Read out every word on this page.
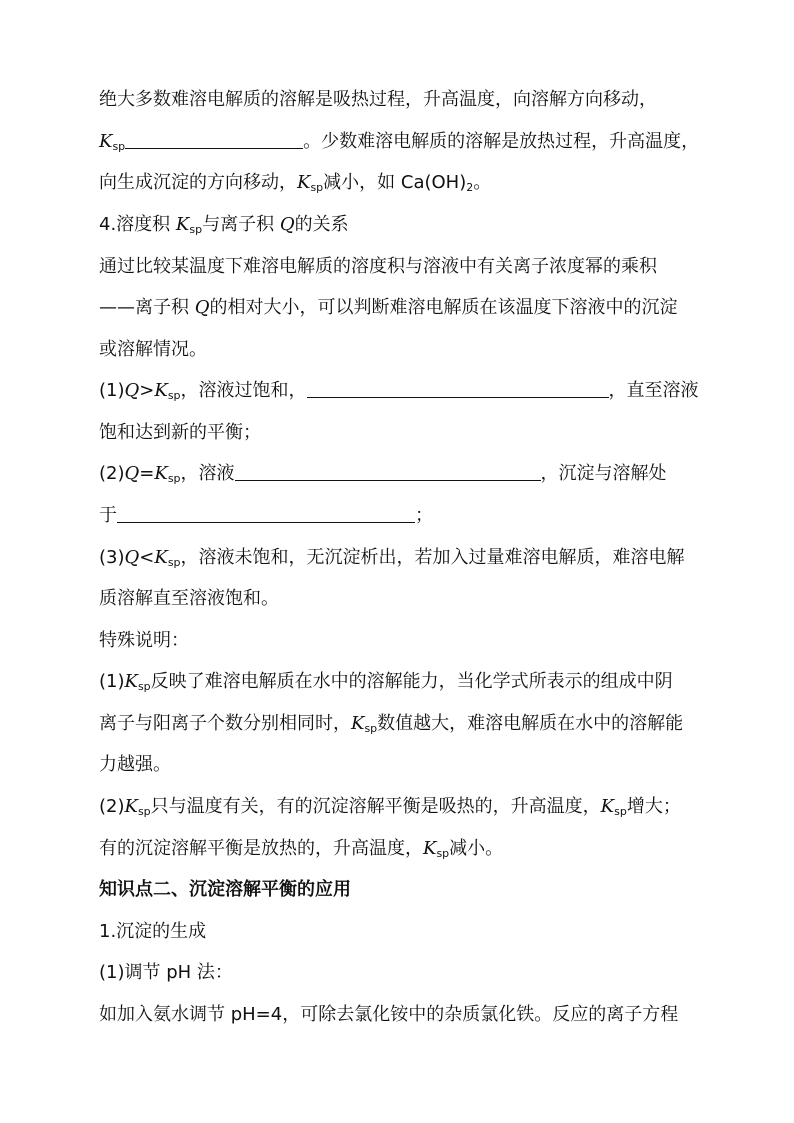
绝大多数难溶电解质的溶解是吸热过程，升高温度，向溶解方向移动，
$K_{sp}$	。少数难溶电解质的溶解是放热过程，升高温度，
向生成沉淀的方向移动，$K_{sp}$减小，如 $Ca(OH)_2$。
4.溶度积 $K_{sp}$与离子积 Q的关系
通过比较某温度下难溶电解质的溶度积与溶液中有关离子浓度幂的乘积
——离子积 Q的相对大小，可以判断难溶电解质在该温度下溶液中的沉淀
或溶解情况。
$(1)Q>K_{sp}$，溶液过饱和，	，直至溶液
饱和达到新的平衡；
$(2)Q=K_{sp}$，溶液	，沉淀与溶解处
于	；
$(3)Q<K_{sp}$，溶液未饱和，无沉淀析出，若加入过量难溶电解质，难溶电解
质溶解直至溶液饱和。
特殊说明：
$(1)K_{sp}$反映了难溶电解质在水中的溶解能力，当化学式所表示的组成中阴
离子与阳离子个数分别相同时，$K_{sp}$数值越大，难溶电解质在水中的溶解能
力越强。
$(2)K_{sp}$只与温度有关，有的沉淀溶解平衡是吸热的，升高温度，$K_{sp}$增大；
有的沉淀溶解平衡是放热的，升高温度，$K_{sp}$减小。
知识点二、沉淀溶解平衡的应用
1.沉淀的生成
(1)调节 pH 法：
如加入氨水调节 pH=4，可除去氯化铵中的杂质氯化铁。反应的离子方程
